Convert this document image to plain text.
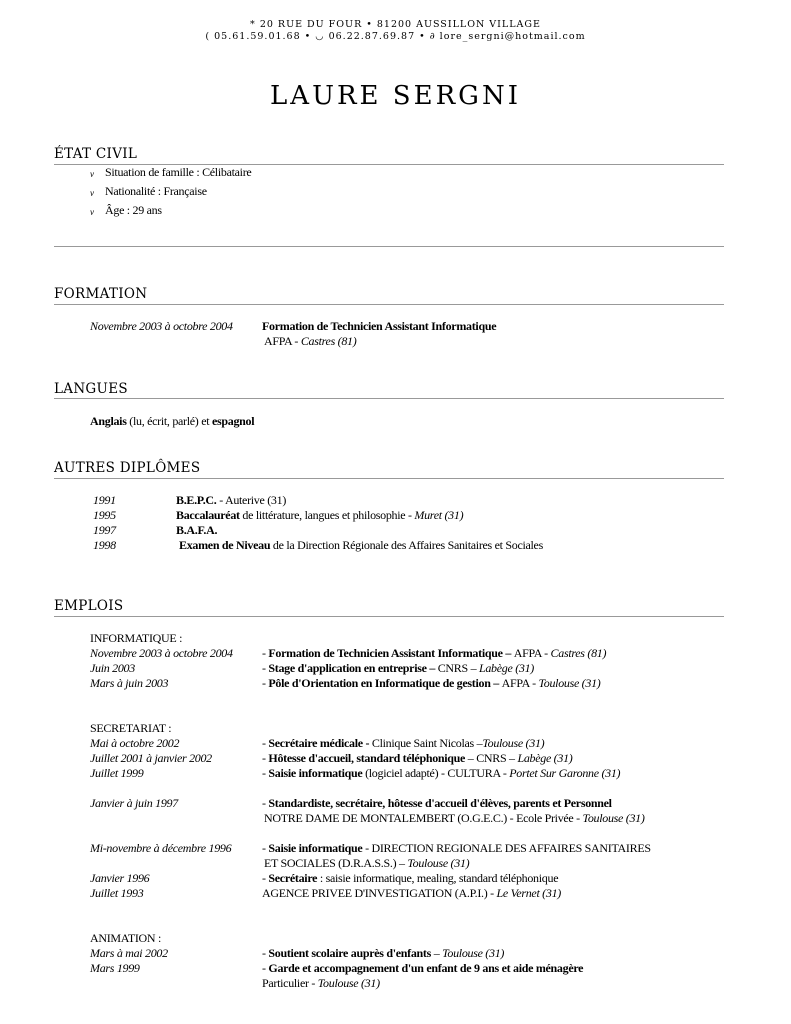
* 20 RUE DU FOUR • 81200 AUSSILLON VILLAGE
( 05.61.59.01.68 • ◡ 06.22.87.69.87 • ∂ lore_sergni@hotmail.com
LAURE SERGNI
ÉTAT CIVIL
v Situation de famille : Célibataire
v Nationalité : Française
v Âge : 29 ans
FORMATION
Novembre 2003 à octobre 2004 Formation de Technicien Assistant Informatique
AFPA - Castres (81)
LANGUES
Anglais (lu, écrit, parlé) et espagnol
AUTRES DIPLÔMES
1991	B.E.P.C. - Auterive (31)
1995	Baccalauréat de littérature, langues et philosophie - Muret (31)
1997	B.A.F.A.
1998	Examen de Niveau de la Direction Régionale des Affaires Sanitaires et Sociales
EMPLOIS
INFORMATIQUE :
Novembre 2003 à octobre 2004 - Formation de Technicien Assistant Informatique – AFPA - Castres (81)
Juin 2003	- Stage d'application en entreprise – CNRS – Labège (31)
Mars à juin 2003	- Pôle d'Orientation en Informatique de gestion – AFPA - Toulouse (31)
SECRETARIAT :
Mai à octobre 2002	- Secrétaire médicale - Clinique Saint Nicolas –Toulouse (31)
Juillet 2001 à janvier 2002	- Hôtesse d'accueil, standard téléphonique – CNRS – Labège (31)
Juillet 1999	- Saisie informatique (logiciel adapté) - CULTURA - Portet Sur Garonne (31)
Janvier à juin 1997	- Standardiste, secrétaire, hôtesse d'accueil d'élèves, parents et Personnel
NOTRE DAME DE MONTALEMBERT (O.G.E.C.) - Ecole Privée - Toulouse (31)
Mi-novembre à décembre 1996	- Saisie informatique - DIRECTION REGIONALE DES AFFAIRES SANITAIRES
ET SOCIALES (D.R.A.S.S.) – Toulouse (31)
Janvier 1996	- Secrétaire : saisie informatique, mealing, standard téléphonique
Juillet 1993	AGENCE PRIVEE D'INVESTIGATION (A.P.I.) - Le Vernet (31)
ANIMATION :
Mars à mai 2002	- Soutient scolaire auprès d'enfants – Toulouse (31)
Mars 1999	- Garde et accompagnement d'un enfant de 9 ans et aide ménagère
Particulier - Toulouse (31)
